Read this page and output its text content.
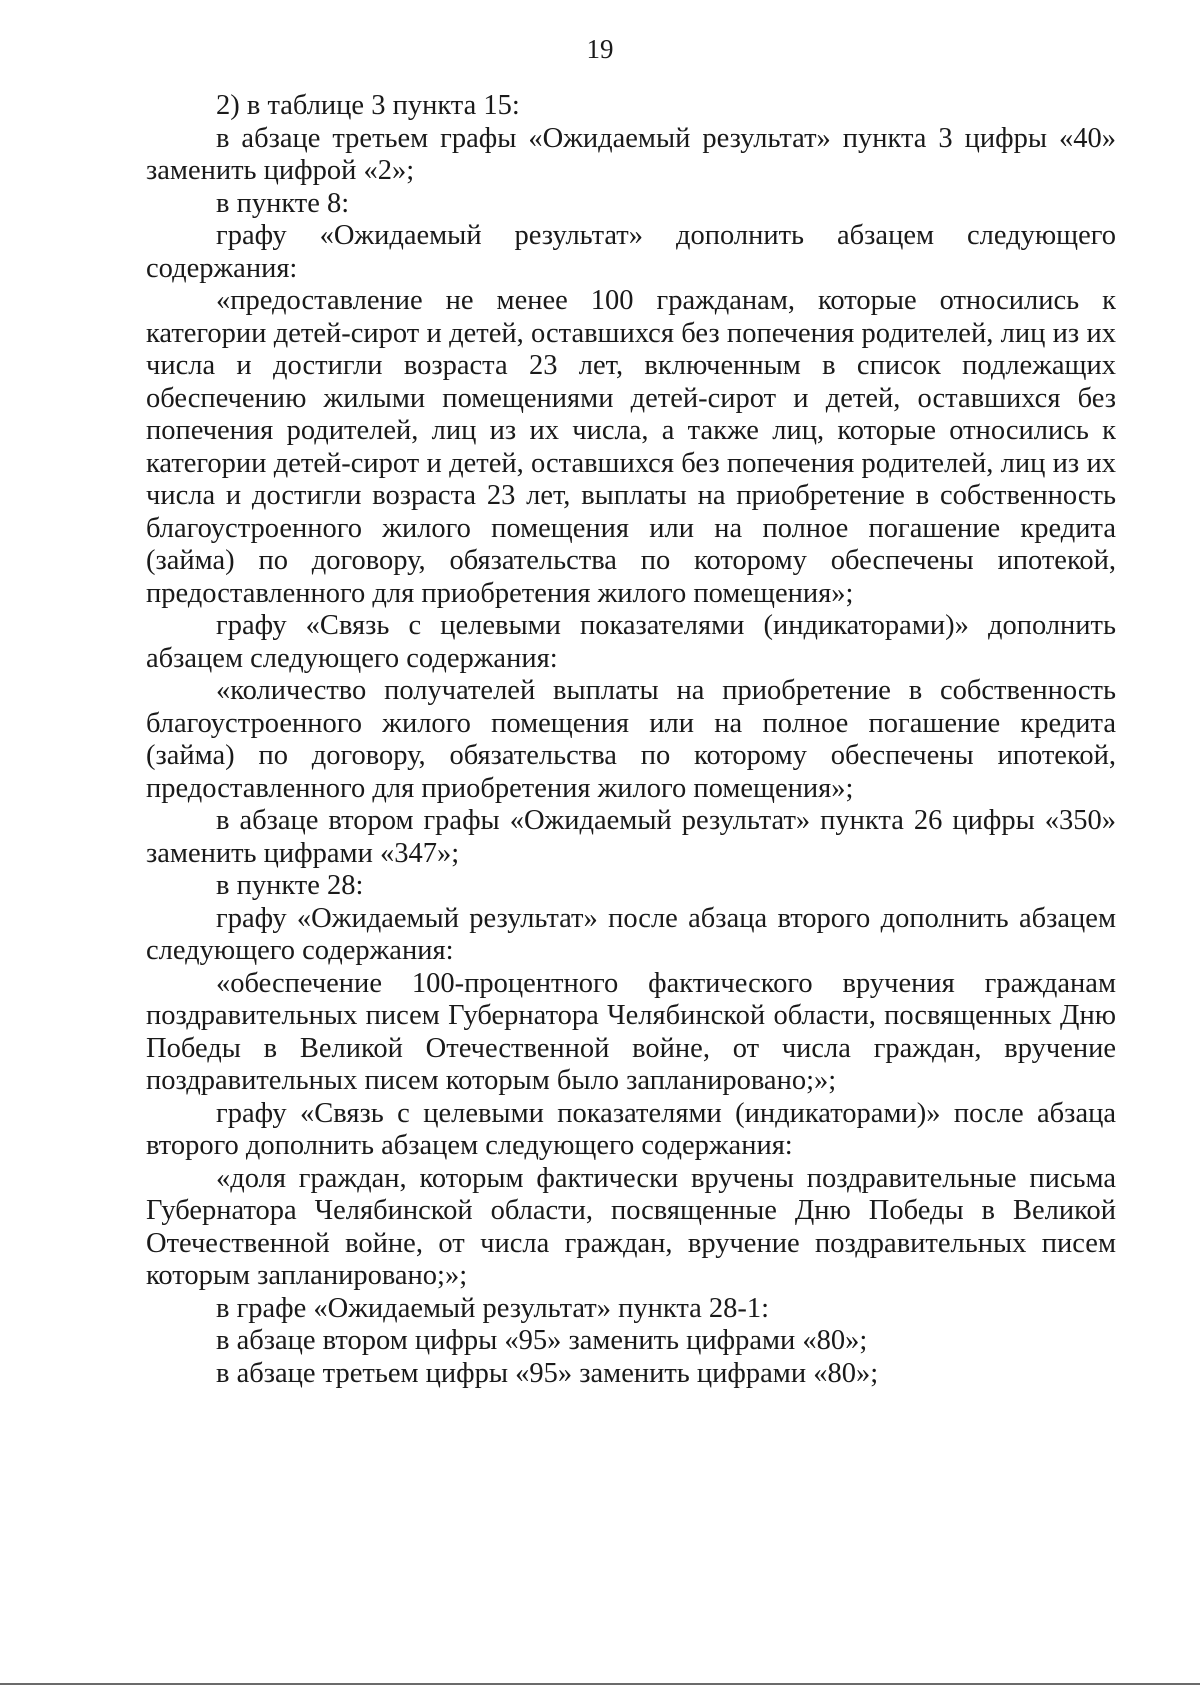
19

2) в таблице 3 пункта 15:

в абзаце третьем графы «Ожидаемый результат» пункта 3 цифры «40» заменить цифрой «2»;

в пункте 8:

графу «Ожидаемый результат» дополнить абзацем следующего содержания:

«предоставление не менее 100 гражданам, которые относились к категории детей-сирот и детей, оставшихся без попечения родителей, лиц из их числа и достигли возраста 23 лет, включенным в список подлежащих обеспечению жилыми помещениями детей-сирот и детей, оставшихся без попечения родителей, лиц из их числа, а также лиц, которые относились к категории детей-сирот и детей, оставшихся без попечения родителей, лиц из их числа и достигли возраста 23 лет, выплаты на приобретение в собственность благоустроенного жилого помещения или на полное погашение кредита (займа) по договору, обязательства по которому обеспечены ипотекой, предоставленного для приобретения жилого помещения»;

графу «Связь с целевыми показателями (индикаторами)» дополнить абзацем следующего содержания:

«количество получателей выплаты на приобретение в собственность благоустроенного жилого помещения или на полное погашение кредита (займа) по договору, обязательства по которому обеспечены ипотекой, предоставленного для приобретения жилого помещения»;

в абзаце втором графы «Ожидаемый результат» пункта 26 цифры «350» заменить цифрами «347»;

в пункте 28:

графу «Ожидаемый результат» после абзаца второго дополнить абзацем следующего содержания:

«обеспечение 100-процентного фактического вручения гражданам поздравительных писем Губернатора Челябинской области, посвященных Дню Победы в Великой Отечественной войне, от числа граждан, вручение поздравительных писем которым было запланировано;»;

графу «Связь с целевыми показателями (индикаторами)» после абзаца второго дополнить абзацем следующего содержания:

«доля граждан, которым фактически вручены поздравительные письма Губернатора Челябинской области, посвященные Дню Победы в Великой Отечественной войне, от числа граждан, вручение поздравительных писем которым запланировано;»;

в графе «Ожидаемый результат» пункта 28-1:

в абзаце втором цифры «95» заменить цифрами «80»;

в абзаце третьем цифры «95» заменить цифрами «80»;
